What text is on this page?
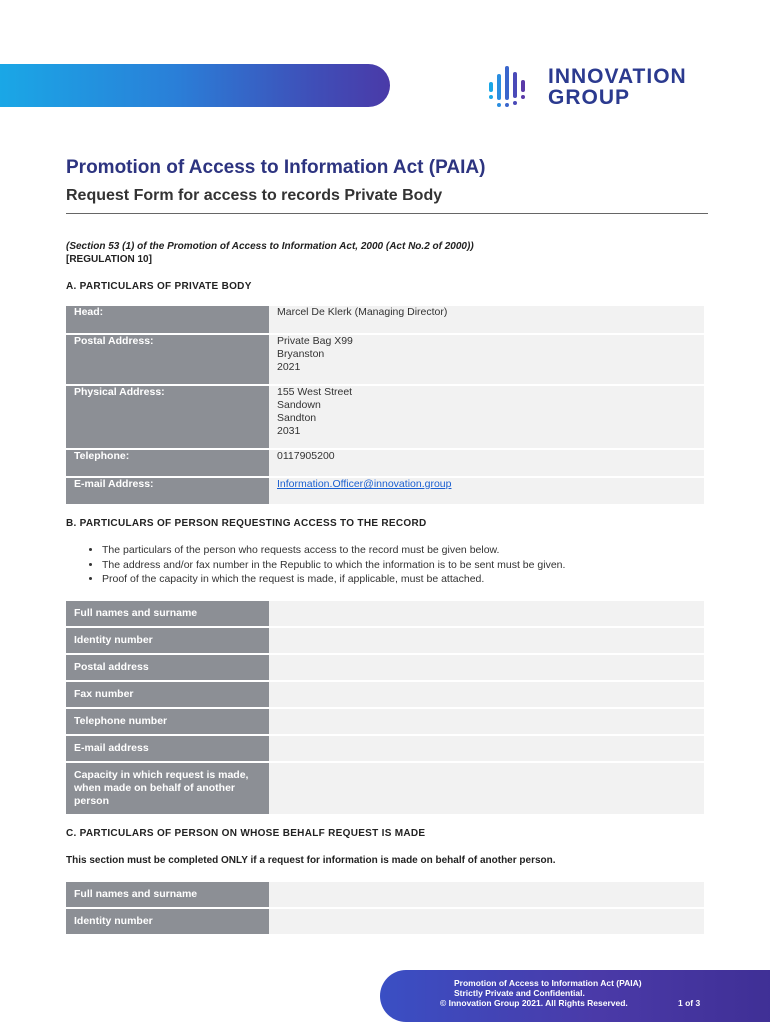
INNOVATION
GROUP
Promotion of Access to Information Act (PAIA)
Request Form for access to records Private Body
(Section 53 (1) of the Promotion of Access to Information Act, 2000 (Act No.2 of 2000))
[REGULATION 10]
A. PARTICULARS OF PRIVATE BODY
Head:	Marcel De Klerk (Managing Director)

Postal Address:	Private Bag X99
Bryanston
2021

Physical Address:	155 West Street
Sandown
Sandton
2031

Telephone:	0117905200

E-mail Address:	Information.Officer@innovation.group
B. PARTICULARS OF PERSON REQUESTING ACCESS TO THE RECORD
• The particulars of the person who requests access to the record must be given below.
• The address and/or fax number in the Republic to which the information is to be sent must be given.
• Proof of the capacity in which the request is made, if applicable, must be attached.
Full names and surname	
Identity number	
Postal address	
Fax number	
Telephone number	
E-mail address	
Capacity in which request is made, when made on behalf of another person	
C. PARTICULARS OF PERSON ON WHOSE BEHALF REQUEST IS MADE
This section must be completed ONLY if a request for information is made on behalf of another person.
Full names and surname	
Identity number	
Promotion of Access to Information Act (PAIA)
Strictly Private and Confidential.
© Innovation Group 2021. All Rights Reserved.	1 of 3
